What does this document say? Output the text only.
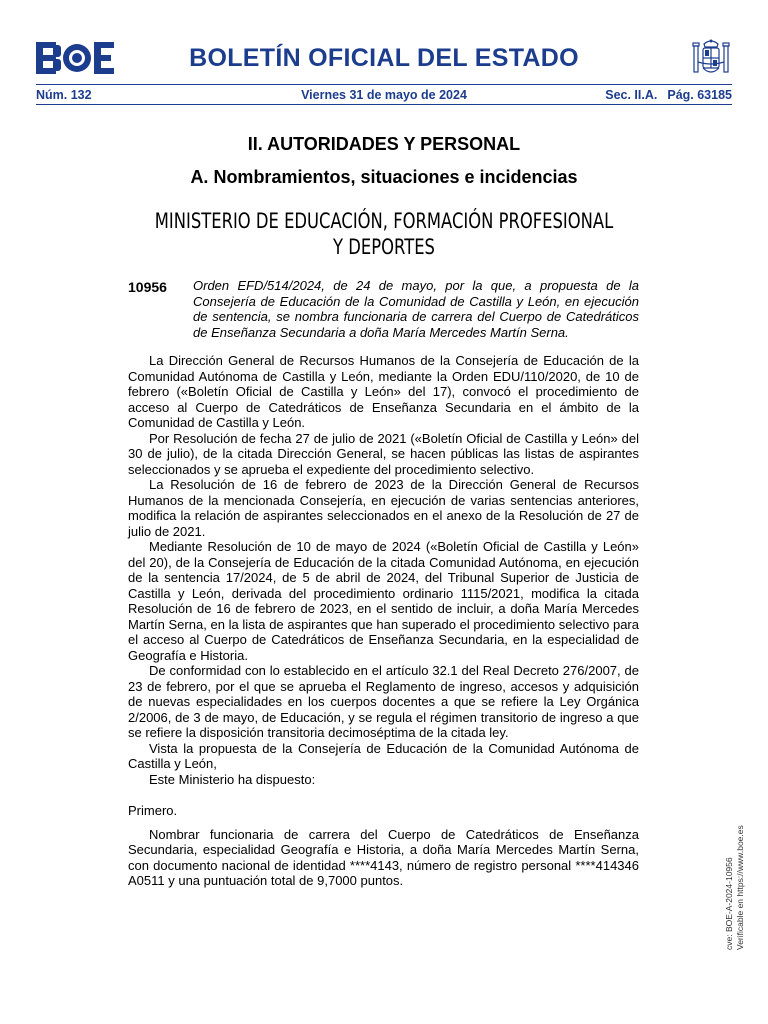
BOLETÍN OFICIAL DEL ESTADO
Núm. 132	Viernes 31 de mayo de 2024	Sec. II.A. Pág. 63185
II. AUTORIDADES Y PERSONAL
A. Nombramientos, situaciones e incidencias
MINISTERIO DE EDUCACIÓN, FORMACIÓN PROFESIONAL
Y DEPORTES
10956 Orden EFD/514/2024, de 24 de mayo, por la que, a propuesta de la Consejería de Educación de la Comunidad de Castilla y León, en ejecución de sentencia, se nombra funcionaria de carrera del Cuerpo de Catedráticos de Enseñanza Secundaria a doña María Mercedes Martín Serna.

La Dirección General de Recursos Humanos de la Consejería de Educación de la Comunidad Autónoma de Castilla y León, mediante la Orden EDU/110/2020, de 10 de febrero («Boletín Oficial de Castilla y León» del 17), convocó el procedimiento de acceso al Cuerpo de Catedráticos de Enseñanza Secundaria en el ámbito de la Comunidad de Castilla y León.

Por Resolución de fecha 27 de julio de 2021 («Boletín Oficial de Castilla y León» del 30 de julio), de la citada Dirección General, se hacen públicas las listas de aspirantes seleccionados y se aprueba el expediente del procedimiento selectivo.

La Resolución de 16 de febrero de 2023 de la Dirección General de Recursos Humanos de la mencionada Consejería, en ejecución de varias sentencias anteriores, modifica la relación de aspirantes seleccionados en el anexo de la Resolución de 27 de julio de 2021.

Mediante Resolución de 10 de mayo de 2024 («Boletín Oficial de Castilla y León» del 20), de la Consejería de Educación de la citada Comunidad Autónoma, en ejecución de la sentencia 17/2024, de 5 de abril de 2024, del Tribunal Superior de Justicia de Castilla y León, derivada del procedimiento ordinario 1115/2021, modifica la citada Resolución de 16 de febrero de 2023, en el sentido de incluir, a doña María Mercedes Martín Serna, en la lista de aspirantes que han superado el procedimiento selectivo para el acceso al Cuerpo de Catedráticos de Enseñanza Secundaria, en la especialidad de Geografía e Historia.

De conformidad con lo establecido en el artículo 32.1 del Real Decreto 276/2007, de 23 de febrero, por el que se aprueba el Reglamento de ingreso, accesos y adquisición de nuevas especialidades en los cuerpos docentes a que se refiere la Ley Orgánica 2/2006, de 3 de mayo, de Educación, y se regula el régimen transitorio de ingreso a que se refiere la disposición transitoria decimoséptima de la citada ley.

Vista la propuesta de la Consejería de Educación de la Comunidad Autónoma de Castilla y León,

Este Ministerio ha dispuesto:

Primero.

Nombrar funcionaria de carrera del Cuerpo de Catedráticos de Enseñanza Secundaria, especialidad Geografía e Historia, a doña María Mercedes Martín Serna, con documento nacional de identidad ****4143, número de registro personal ****414346 A0511 y una puntuación total de 9,7000 puntos.	cve: BOE-A-2024-10956 Verificable en https://www.boe.es
